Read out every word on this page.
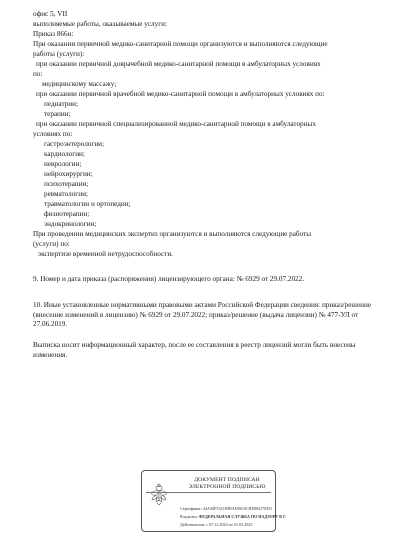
офис 5, VII
выполняемые работы, оказываемые услуги:
Приказ 866н:
При оказании первичной медико-санитарной помощи организуются и выполняются следующие
работы (услуги):
при оказании первичной доврачебной медико-санитарной помощи в амбулаторных условиях
по:
медицинскому массажу;
при оказании первичной врачебной медико-санитарной помощи в амбулаторных условиях по:
педиатрии;
терапии;
при оказании первичной специализированной медико-санитарной помощи в амбулаторных
условиях по:
гастроэнтерологии;
кардиологии;
неврологии;
нейрохирургии;
психотерапии;
ревматологии;
травматологии и ортопедии;
физиотерапии;
эндокринологии;
При проведении медицинских экспертиз организуются и выполняются следующие работы
(услуги) по:
экспертизе временной нетрудоспособности.

9. Номер и дата приказа (распоряжения) лицензирующего органа: № 6929 от 29.07.2022.

10. Иные установленные нормативными правовыми актами Российской Федерации сведения: приказ/решение (внесение изменений в лицензию) № 6929 от 29.07.2022; приказ/решение (выдача лицензии) № 477-УЛ от 27.06.2019.

Выписка носит информационный характер, после ее составления в реестр лицензий могли быть внесены изменения.

ДОКУМЕНТ ПОДПИСАН
ЭЛЕКТРОННОЙ ПОДПИСЬЮ
Сертификат: 44A30F5521E8BAD0610CBE88257ED3
Владелец: ФЕДЕРАЛЬНАЯ СЛУЖБА ПО НАДЗОРУ В С
Действителен: с 07.12.2023 по 01.03.2025
